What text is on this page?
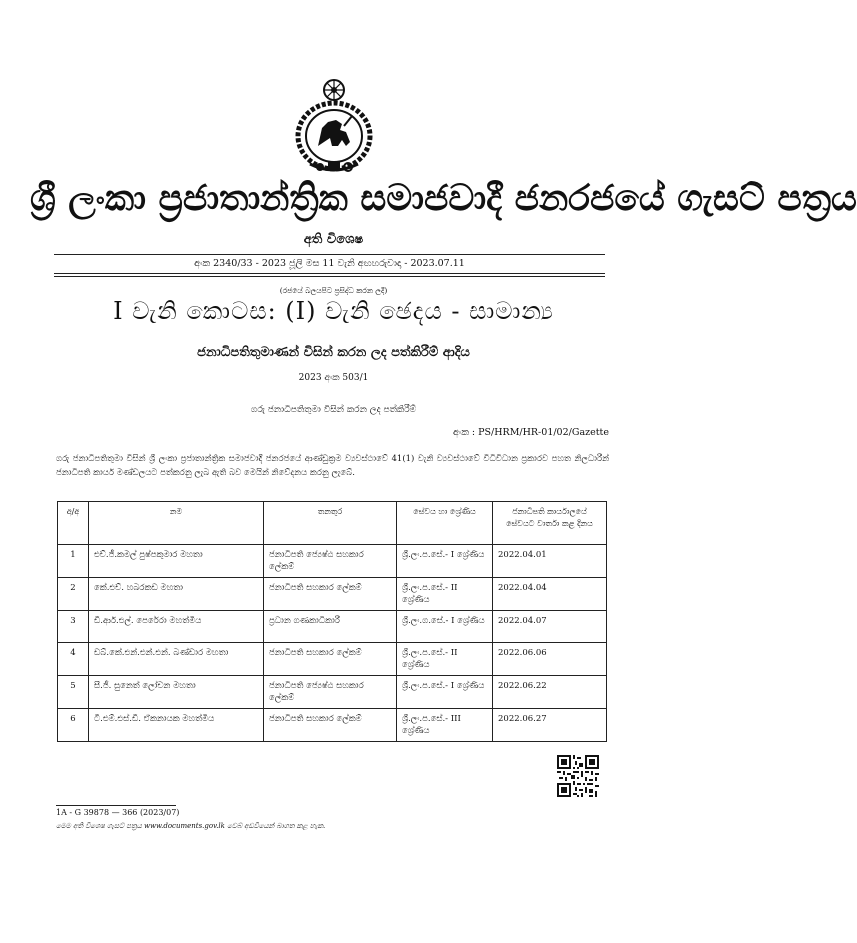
ශ්‍රී ලංකා ප්‍රජාතාන්ත්‍රික සමාජවාදී ජනරජයේ ගැසට් පත්‍රය
අති විශෙෂ
අංක 2340/33 - 2023 ජූලි මස 11 වැනි අඟහරුවාදා - 2023.07.11
(රජයේ බලයපිට ප්‍රසිද්ධ කරන ලදී)
I වැනි කොටස: (I) වැනි ඡෙදය - සාමාන්‍ය
ජනාධිපතිතුමාණන් විසින් කරන ලද පත්කිරීම් ආදිය
2023 අංක 503/1
ගරු ජනාධිපතිතුමා විසින් කරන ලද පත්කිරීම්
අංක : PS/HRM/HR-01/02/Gazette
ගරු ජනාධිපතිතුමා විසින් ශ්‍රී ලංකා ප්‍රජාතාන්ත්‍රික සමාජවාදී ජනරජයේ ආණ්ඩුක්‍රම ව්‍යවස්ථාවේ 41(1) වැනි ව්‍යවස්ථාවේ විධිවිධාන ප්‍රකාරව පහත නිලධාරීන් ජනාධිපති කාර්ය මණ්ඩලයට පත්කරනු ලැබ ඇති බව මෙයින් නිවේදනය කරනු ලැබේ.
අ/අ	නම	තනතුර	සේවය හා ශ්‍රේණිය	ජනාධිපති කාර්යාලයේ සේවයට වාර්තා කළ දිනය
1	එච්.ජී.කමල් පුෂ්පකුමාර මහතා	ජනාධිපති ජ්‍යෙෂ්ඨ සහකාර ලේකම්	ශ්‍රී.ලං.ප.සේ.- I ශ්‍රේණිය	2022.04.01
2	කේ.එච්. හබරකඩ මහතා	ජනාධිපති සහකාර ලේකම්	ශ්‍රී.ලං.ප.සේ.- II ශ්‍රේණිය	2022.04.04
3	ඩී.ආර්.එල්. පෙරේරා මහත්මිය	ප්‍රධාන ගණකාධිකාරී	ශ්‍රී.ලං.ග.සේ.- I ශ්‍රේණිය	2022.04.07
4	ඩබ්.කේ.එන්.එන්.එන්. බණ්ඩාර මහතා	ජනාධිපති සහකාර ලේකම්	ශ්‍රී.ලං.ප.සේ.- II ශ්‍රේණිය	2022.06.06
5	සී.ජී. සුනෙත් ලෝචන මහතා	ජනාධිපති ජ්‍යෙෂ්ඨ සහකාර ලේකම්	ශ්‍රී.ලං.ප.සේ.- I ශ්‍රේණිය	2022.06.22
6	ටී.එම්.එස්.ඩී. ඒකනායක මහත්මිය	ජනාධිපති සහකාර ලේකම්	ශ්‍රී.ලං.ප.සේ.- III ශ්‍රේණිය	2022.06.27
1A - G 39878 — 366 (2023/07)
මෙම අති විශෙෂ ගැසට් පත්‍රය www.documents.gov.lk වෙබ් අඩවියෙන් බාගත කළ හැක.
